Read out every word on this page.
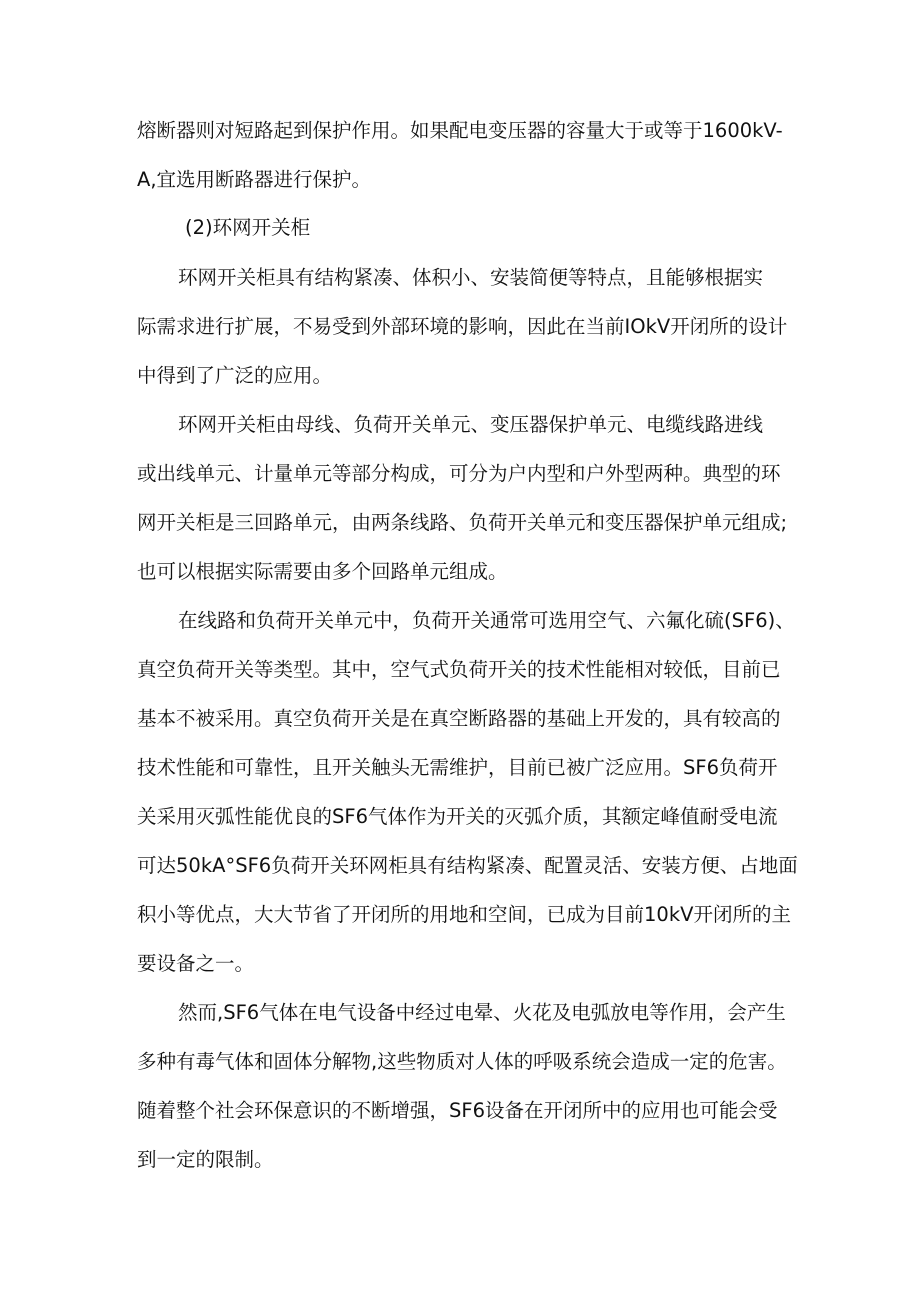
熔断器则对短路起到保护作用。如果配电变压器的容量大于或等于1600kV-
A,宜选用断路器进行保护。
(2)环网开关柜
环网开关柜具有结构紧凑、体积小、安装简便等特点，且能够根据实
际需求进行扩展，不易受到外部环境的影响，因此在当前IOkV开闭所的设计
中得到了广泛的应用。
环网开关柜由母线、负荷开关单元、变压器保护单元、电缆线路进线
或出线单元、计量单元等部分构成，可分为户内型和户外型两种。典型的环
网开关柜是三回路单元，由两条线路、负荷开关单元和变压器保护单元组成;
也可以根据实际需要由多个回路单元组成。
在线路和负荷开关单元中，负荷开关通常可选用空气、六氟化硫(SF6)、
真空负荷开关等类型。其中，空气式负荷开关的技术性能相对较低，目前已
基本不被采用。真空负荷开关是在真空断路器的基础上开发的，具有较高的
技术性能和可靠性，且开关触头无需维护，目前已被广泛应用。SF6负荷开
关采用灭弧性能优良的SF6气体作为开关的灭弧介质，其额定峰值耐受电流
可达50kA°SF6负荷开关环网柜具有结构紧凑、配置灵活、安装方便、占地面
积小等优点，大大节省了开闭所的用地和空间，已成为目前10kV开闭所的主
要设备之一。
然而,SF6气体在电气设备中经过电晕、火花及电弧放电等作用，会产生
多种有毒气体和固体分解物,这些物质对人体的呼吸系统会造成一定的危害。
随着整个社会环保意识的不断增强，SF6设备在开闭所中的应用也可能会受
到一定的限制。
